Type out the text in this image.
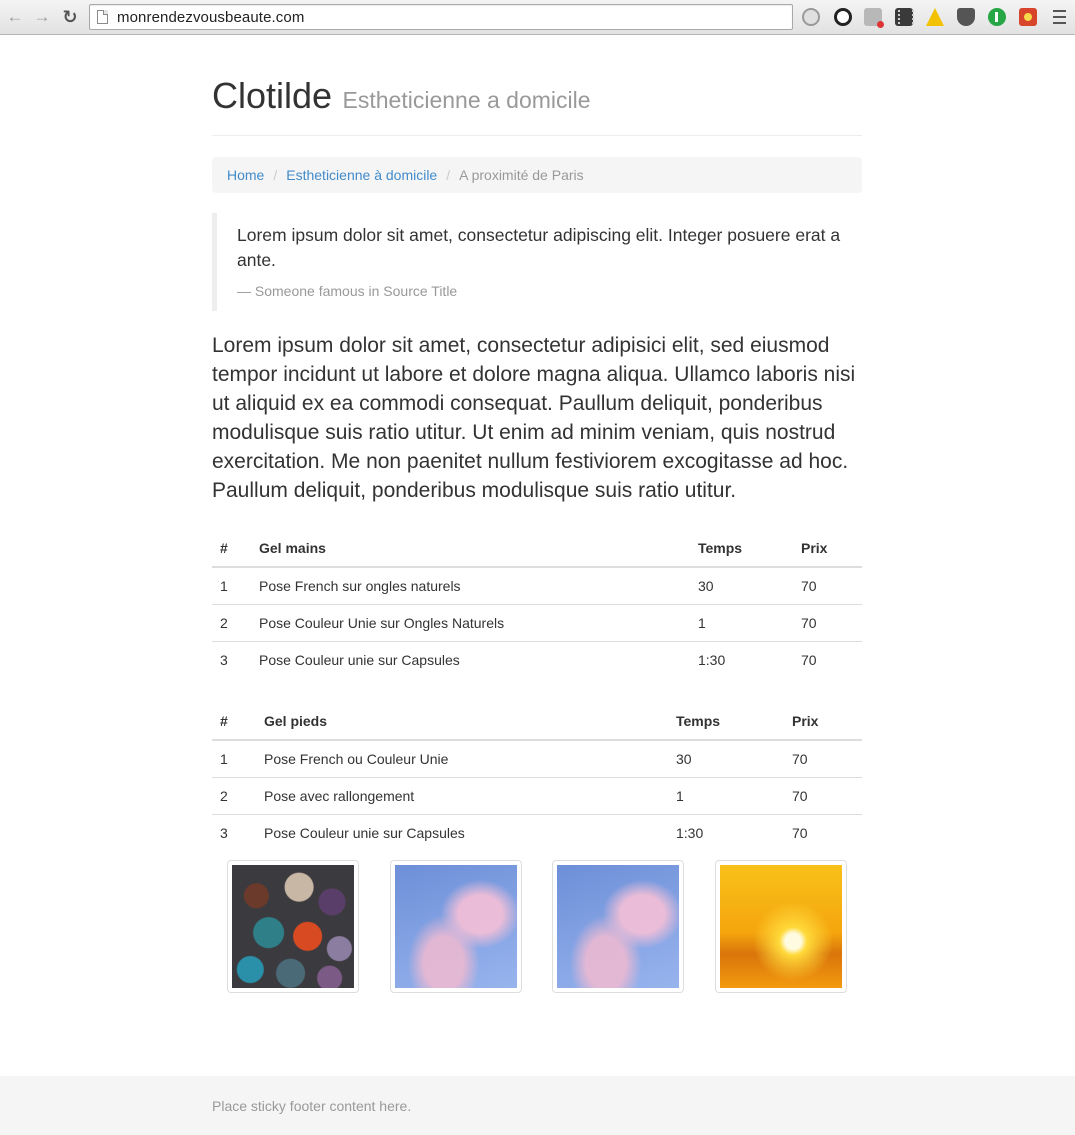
← → ↻	monrendezvousbeaute.com
Clotilde Estheticienne a domicile
Home / Estheticienne à domicile / A proximité de Paris

Lorem ipsum dolor sit amet, consectetur adipiscing elit. Integer posuere erat a ante.

— Someone famous in Source Title

Lorem ipsum dolor sit amet, consectetur adipisici elit, sed eiusmod tempor incidunt ut labore et dolore magna aliqua. Ullamco laboris nisi ut aliquid ex ea commodi consequat. Paullum deliquit, ponderibus modulisque suis ratio utitur. Ut enim ad minim veniam, quis nostrud exercitation. Me non paenitet nullum festiviorem excogitasse ad hoc. Paullum deliquit, ponderibus modulisque suis ratio utitur.

#	Gel mains	Temps	Prix
1	Pose French sur ongles naturels	30	70
2	Pose Couleur Unie sur Ongles Naturels	1	70
3	Pose Couleur unie sur Capsules	1:30	70
#	Gel pieds	Temps	Prix
1	Pose French ou Couleur Unie	30	70
2	Pose avec rallongement	1	70
3	Pose Couleur unie sur Capsules	1:30	70
Place sticky footer content here.
